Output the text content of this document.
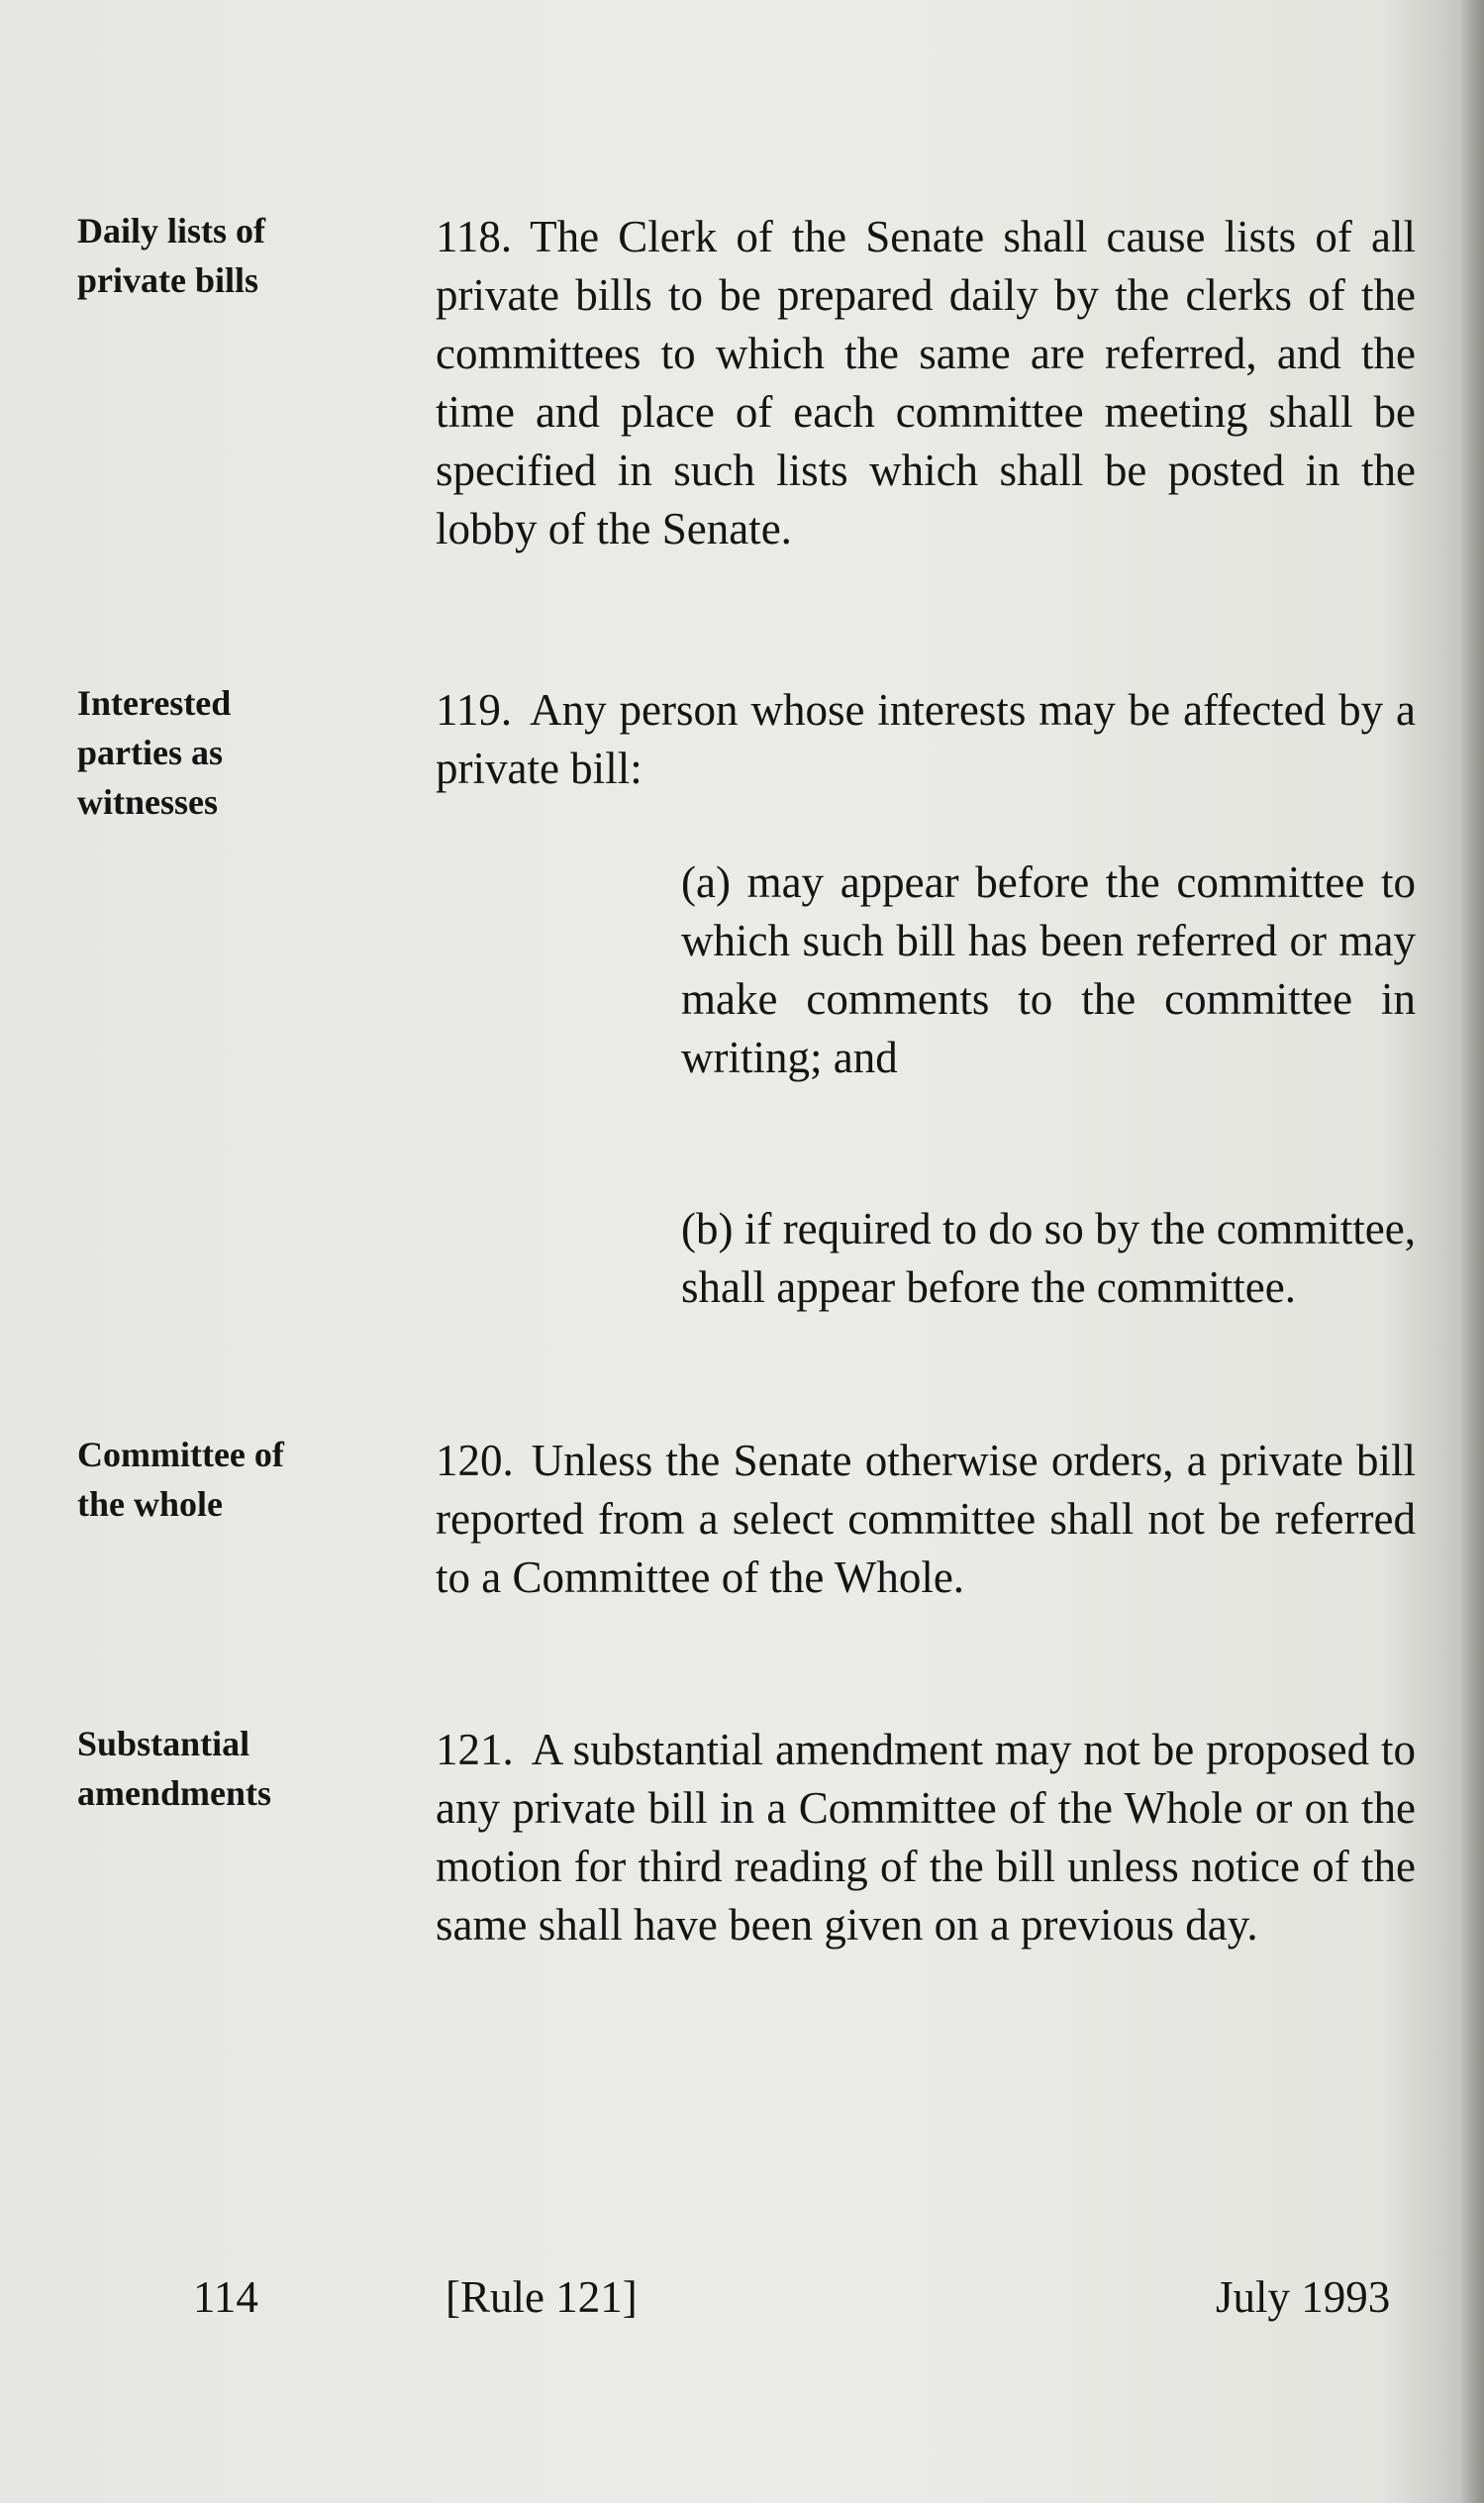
Daily lists of private bills
118. The Clerk of the Senate shall cause lists of all private bills to be prepared daily by the clerks of the committees to which the same are referred, and the time and place of each committee meeting shall be specified in such lists which shall be posted in the lobby of the Senate.
Interested parties as witnesses
119. Any person whose interests may be affected by a private bill:
(a) may appear before the committee to which such bill has been referred or may make comments to the committee in writing; and
(b) if required to do so by the committee, shall appear before the committee.
Committee of the whole
120. Unless the Senate otherwise orders, a private bill reported from a select committee shall not be referred to a Committee of the Whole.
Substantial amendments
121. A substantial amendment may not be proposed to any private bill in a Committee of the Whole or on the motion for third reading of the bill unless notice of the same shall have been given on a previous day.
114	[Rule 121]	July 1993
